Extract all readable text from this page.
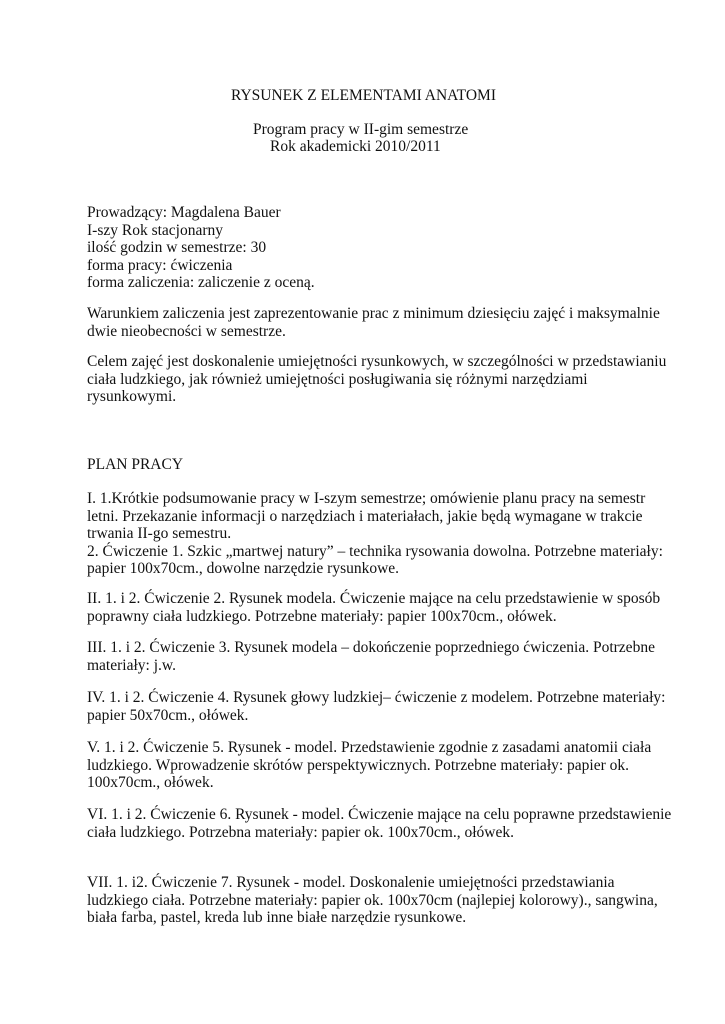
RYSUNEK Z ELEMENTAMI ANATOMI
Program pracy w II-gim semestrze
Rok akademicki 2010/2011
Prowadzący: Magdalena Bauer
I-szy Rok stacjonarny
ilość godzin w semestrze: 30
forma pracy: ćwiczenia
forma zaliczenia: zaliczenie z oceną.
Warunkiem zaliczenia jest zaprezentowanie prac z minimum dziesięciu zajęć i maksymalnie
dwie nieobecności w semestrze.
Celem zajęć jest doskonalenie umiejętności rysunkowych, w szczególności w przedstawianiu
ciała ludzkiego, jak również umiejętności posługiwania się różnymi narzędziami
rysunkowymi.
PLAN PRACY
I. 1.Krótkie podsumowanie pracy w I-szym semestrze; omówienie planu pracy na semestr
letni. Przekazanie informacji o narzędziach i materiałach, jakie będą wymagane w trakcie
trwania II-go semestru.
2. Ćwiczenie 1. Szkic „martwej natury” – technika rysowania dowolna. Potrzebne materiały:
papier 100x70cm., dowolne narzędzie rysunkowe.
II. 1. i 2. Ćwiczenie 2. Rysunek modela. Ćwiczenie mające na celu przedstawienie w sposób
poprawny ciała ludzkiego. Potrzebne materiały: papier 100x70cm., ołówek.
III. 1. i 2. Ćwiczenie 3. Rysunek modela – dokończenie poprzedniego ćwiczenia. Potrzebne
materiały: j.w.
IV. 1. i 2. Ćwiczenie 4. Rysunek głowy ludzkiej– ćwiczenie z modelem. Potrzebne materiały:
papier 50x70cm., ołówek.
V. 1. i 2. Ćwiczenie 5. Rysunek - model. Przedstawienie zgodnie z zasadami anatomii ciała
ludzkiego. Wprowadzenie skrótów perspektywicznych. Potrzebne materiały: papier ok.
100x70cm., ołówek.
VI. 1. i 2. Ćwiczenie 6. Rysunek - model. Ćwiczenie mające na celu poprawne przedstawienie
ciała ludzkiego. Potrzebna materiały: papier ok. 100x70cm., ołówek.
VII. 1. i2. Ćwiczenie 7. Rysunek - model. Doskonalenie umiejętności przedstawiania
ludzkiego ciała. Potrzebne materiały: papier ok. 100x70cm (najlepiej kolorowy)., sangwina,
biała farba, pastel, kreda lub inne białe narzędzie rysunkowe.
